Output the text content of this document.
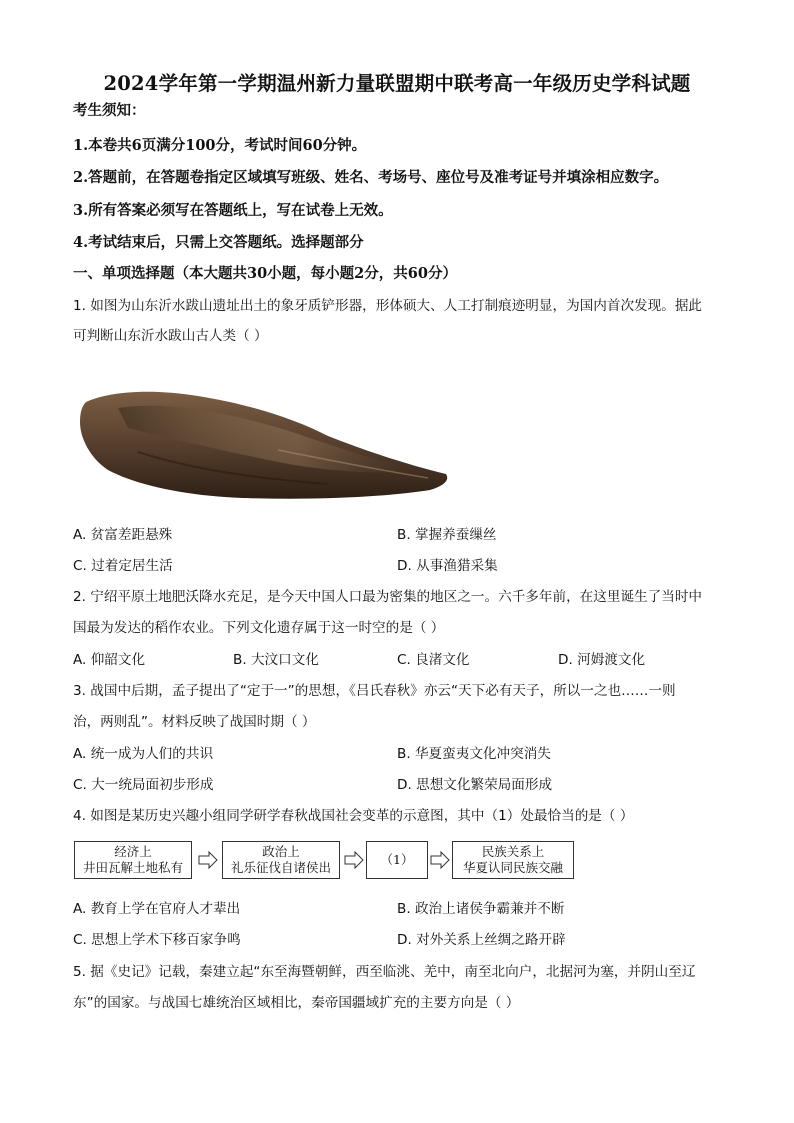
2024学年第一学期温州新力量联盟期中联考高一年级历史学科试题
考生须知：
1.本卷共6页满分100分，考试时间60分钟。
2.答题前，在答题卷指定区域填写班级、姓名、考场号、座位号及准考证号并填涂相应数字。
3.所有答案必须写在答题纸上，写在试卷上无效。
4.考试结束后，只需上交答题纸。选择题部分
一、单项选择题（本大题共30小题，每小题2分，共60分）
1. 如图为山东沂水跋山遗址出土的象牙质铲形器，形体硕大、人工打制痕迹明显，为国内首次发现。据此
可判断山东沂水跋山古人类（ ）
A. 贫富差距悬殊	B. 掌握养蚕缫丝
C. 过着定居生活	D. 从事渔猎采集
2. 宁绍平原土地肥沃降水充足，是今天中国人口最为密集的地区之一。六千多年前，在这里诞生了当时中
国最为发达的稻作农业。下列文化遗存属于这一时空的是（ ）
A. 仰韶文化	B. 大汶口文化	C. 良渚文化	D. 河姆渡文化
3. 战国中后期，孟子提出了“定于一”的思想，《吕氏春秋》亦云“天下必有天子，所以一之也……一则
治，两则乱”。材料反映了战国时期（ ）
A. 统一成为人们的共识	B. 华夏蛮夷文化冲突消失
C. 大一统局面初步形成	D. 思想文化繁荣局面形成
4. 如图是某历史兴趣小组同学研学春秋战国社会变革的示意图，其中（1）处最恰当的是（ ）
经济上
井田瓦解土地私有
政治上
礼乐征伐自诸侯出
（1）
民族关系上
华夏认同民族交融
A. 教育上学在官府人才辈出	B. 政治上诸侯争霸兼并不断
C. 思想上学术下移百家争鸣	D. 对外关系上丝绸之路开辟
5. 据《史记》记载，秦建立起“东至海暨朝鲜，西至临洮、羌中，南至北向户，北据河为塞，并阴山至辽
东”的国家。与战国七雄统治区域相比，秦帝国疆域扩充的主要方向是（ ）
